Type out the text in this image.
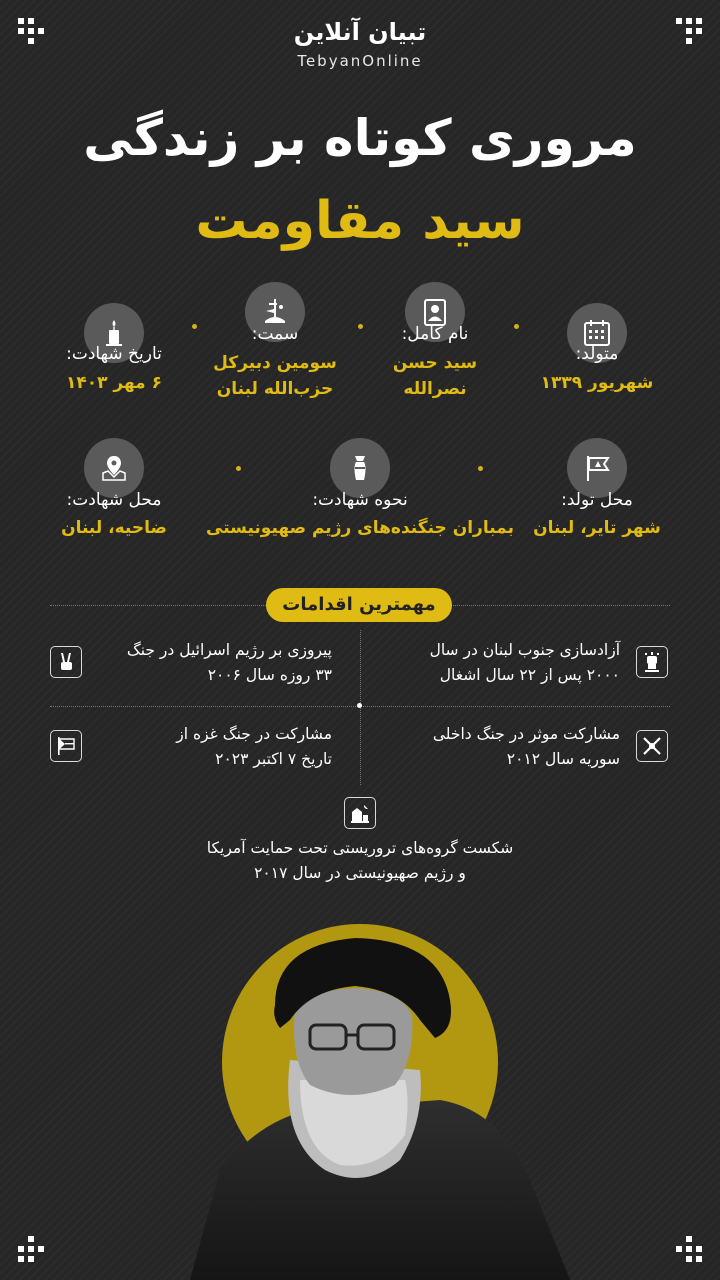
تبیان آنلاین
TebyanOnline
مروری کوتاه بر زندگی
سید مقاومت
متولد:
شهریور ۱۳۳۹
نام کامل:
سید حسن
نصرالله
سمت:
سومین دبیرکل
حزب‌الله لبنان
تاریخ شهادت:
۶ مهر ۱۴۰۳
محل تولد:
شهر تایر، لبنان
نحوه شهادت:
بمباران جنگنده‌های رژیم صهیونیستی
محل شهادت:
ضاحیه، لبنان
مهمترین اقدامات
آزادسازی جنوب لبنان در سال
۲۰۰۰ پس از ۲۲ سال اشغال
پیروزی بر رژیم اسرائیل در جنگ
۳۳ روزه سال ۲۰۰۶
مشارکت موثر در جنگ داخلی
سوریه سال ۲۰۱۲
مشارکت در جنگ غزه از
تاریخ ۷ اکتبر ۲۰۲۳
شکست گروه‌های تروریستی تحت حمایت آمریکا
و رژیم صهیونیستی در سال ۲۰۱۷
